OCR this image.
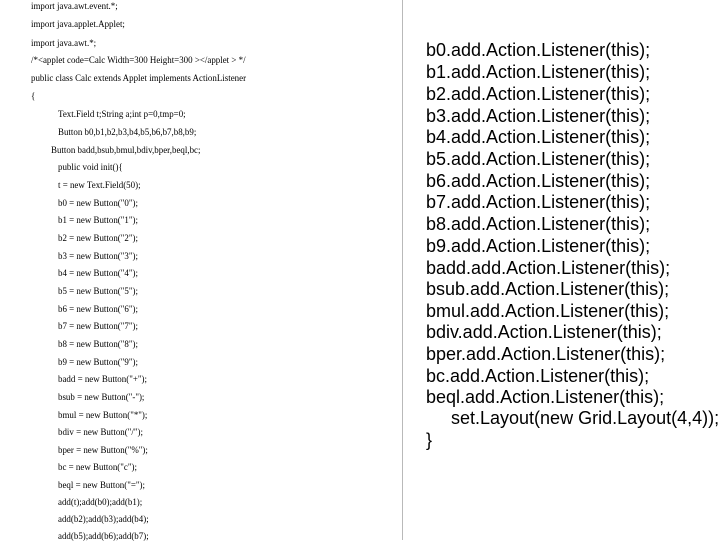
import java.awt.event.*;
import java.applet.Applet;
import java.awt.*;
/*<applet code=Calc Width=300 Height=300 ></applet > */
public class Calc extends Applet implements ActionListener
{
Text.Field t;String a;int p=0,tmp=0;
Button b0,b1,b2,b3,b4,b5,b6,b7,b8,b9;
Button badd,bsub,bmul,bdiv,bper,beql,bc;
public void init(){
t = new Text.Field(50);
b0 = new Button("0");
b1 = new Button("1");
b2 = new Button("2");
b3 = new Button("3");
b4 = new Button("4");
b5 = new Button("5");
b6 = new Button("6");
b7 = new Button("7");
b8 = new Button("8");
b9 = new Button("9");
badd = new Button("+");
bsub = new Button("-");
bmul = new Button("*");
bdiv = new Button("/");
bper = new Button("%");
bc = new Button("c");
beql = new Button("=");
add(t);add(b0);add(b1);
add(b2);add(b3);add(b4);
add(b5);add(b6);add(b7);
b0.add.Action.Listener(this);
b1.add.Action.Listener(this);
b2.add.Action.Listener(this);
b3.add.Action.Listener(this);
b4.add.Action.Listener(this);
b5.add.Action.Listener(this);
b6.add.Action.Listener(this);
b7.add.Action.Listener(this);
b8.add.Action.Listener(this);
b9.add.Action.Listener(this);
badd.add.Action.Listener(this);
bsub.add.Action.Listener(this);
bmul.add.Action.Listener(this);
bdiv.add.Action.Listener(this);
bper.add.Action.Listener(this);
bc.add.Action.Listener(this);
beql.add.Action.Listener(this);
set.Layout(new Grid.Layout(4,4));
}
